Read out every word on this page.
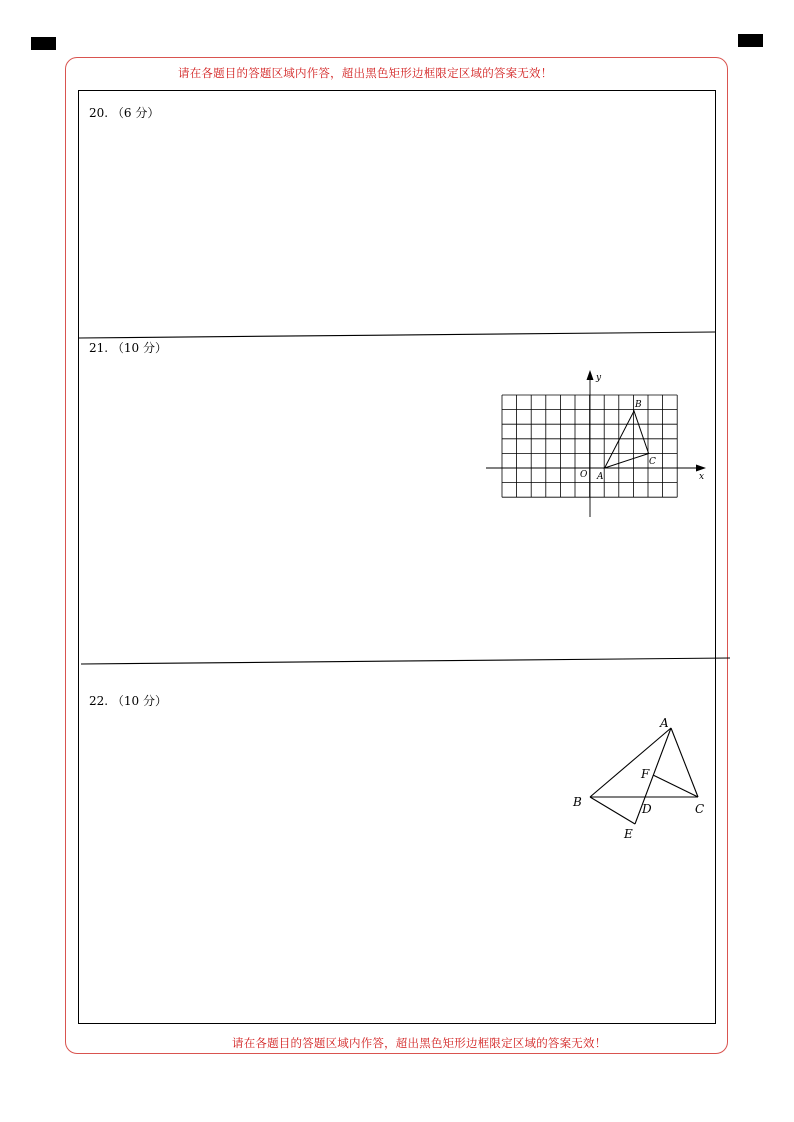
请在各题目的答题区域内作答，超出黑色矩形边框限定区域的答案无效！
请在各题目的答题区域内作答，超出黑色矩形边框限定区域的答案无效！
20. （6 分）
21. （10 分）
x
y
O A
B
C
22. （10 分）
A
B	C
D
E
F
